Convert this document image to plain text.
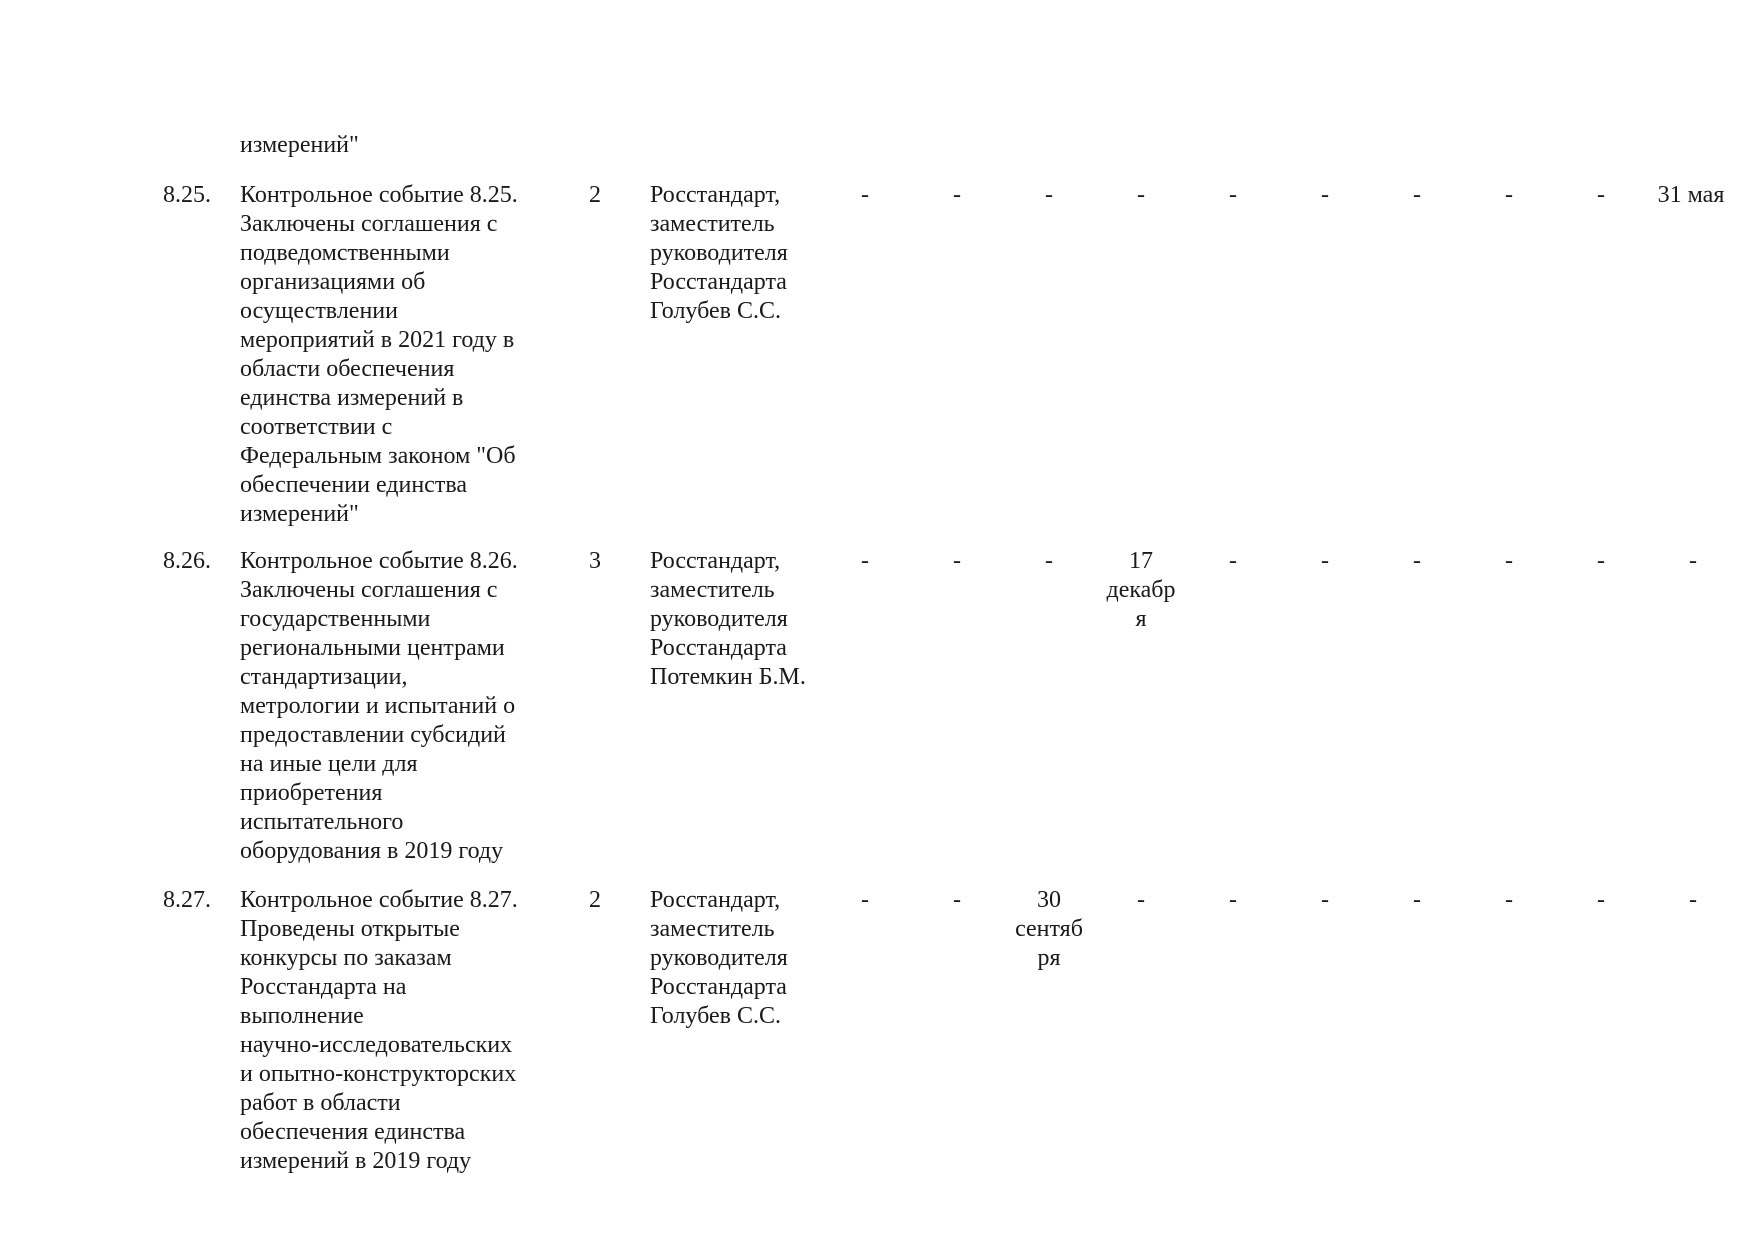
измерений"
8.25. Контрольное событие 8.25.
Заключены соглашения с
подведомственными
организациями об
осуществлении
мероприятий в 2021 году в
области обеспечения
единства измерений в
соответствии с
Федеральным законом "Об
обеспечении единства
измерений"
2 Росстандарт,
заместитель
руководителя
Росстандарта
Голубев С.С.
-	-	-	-	-	-	-	-	-	31 мая
8.26. Контрольное событие 8.26.
Заключены соглашения с
государственными
региональными центрами
стандартизации,
метрологии и испытаний о
предоставлении субсидий
на иные цели для
приобретения
испытательного
оборудования в 2019 году
3 Росстандарт,
заместитель
руководителя
Росстандарта
Потемкин Б.М.
-	-	-	17
декабр
я
-	-	-	-	-	-
8.27. Контрольное событие 8.27.
Проведены открытые
конкурсы по заказам
Росстандарта на
выполнение
научно-исследовательских
и опытно-конструкторских
работ в области
обеспечения единства
измерений в 2019 году
2 Росстандарт,
заместитель
руководителя
Росстандарта
Голубев С.С.
-	-	30
сентяб
ря
-	-	-	-	-	-	-
